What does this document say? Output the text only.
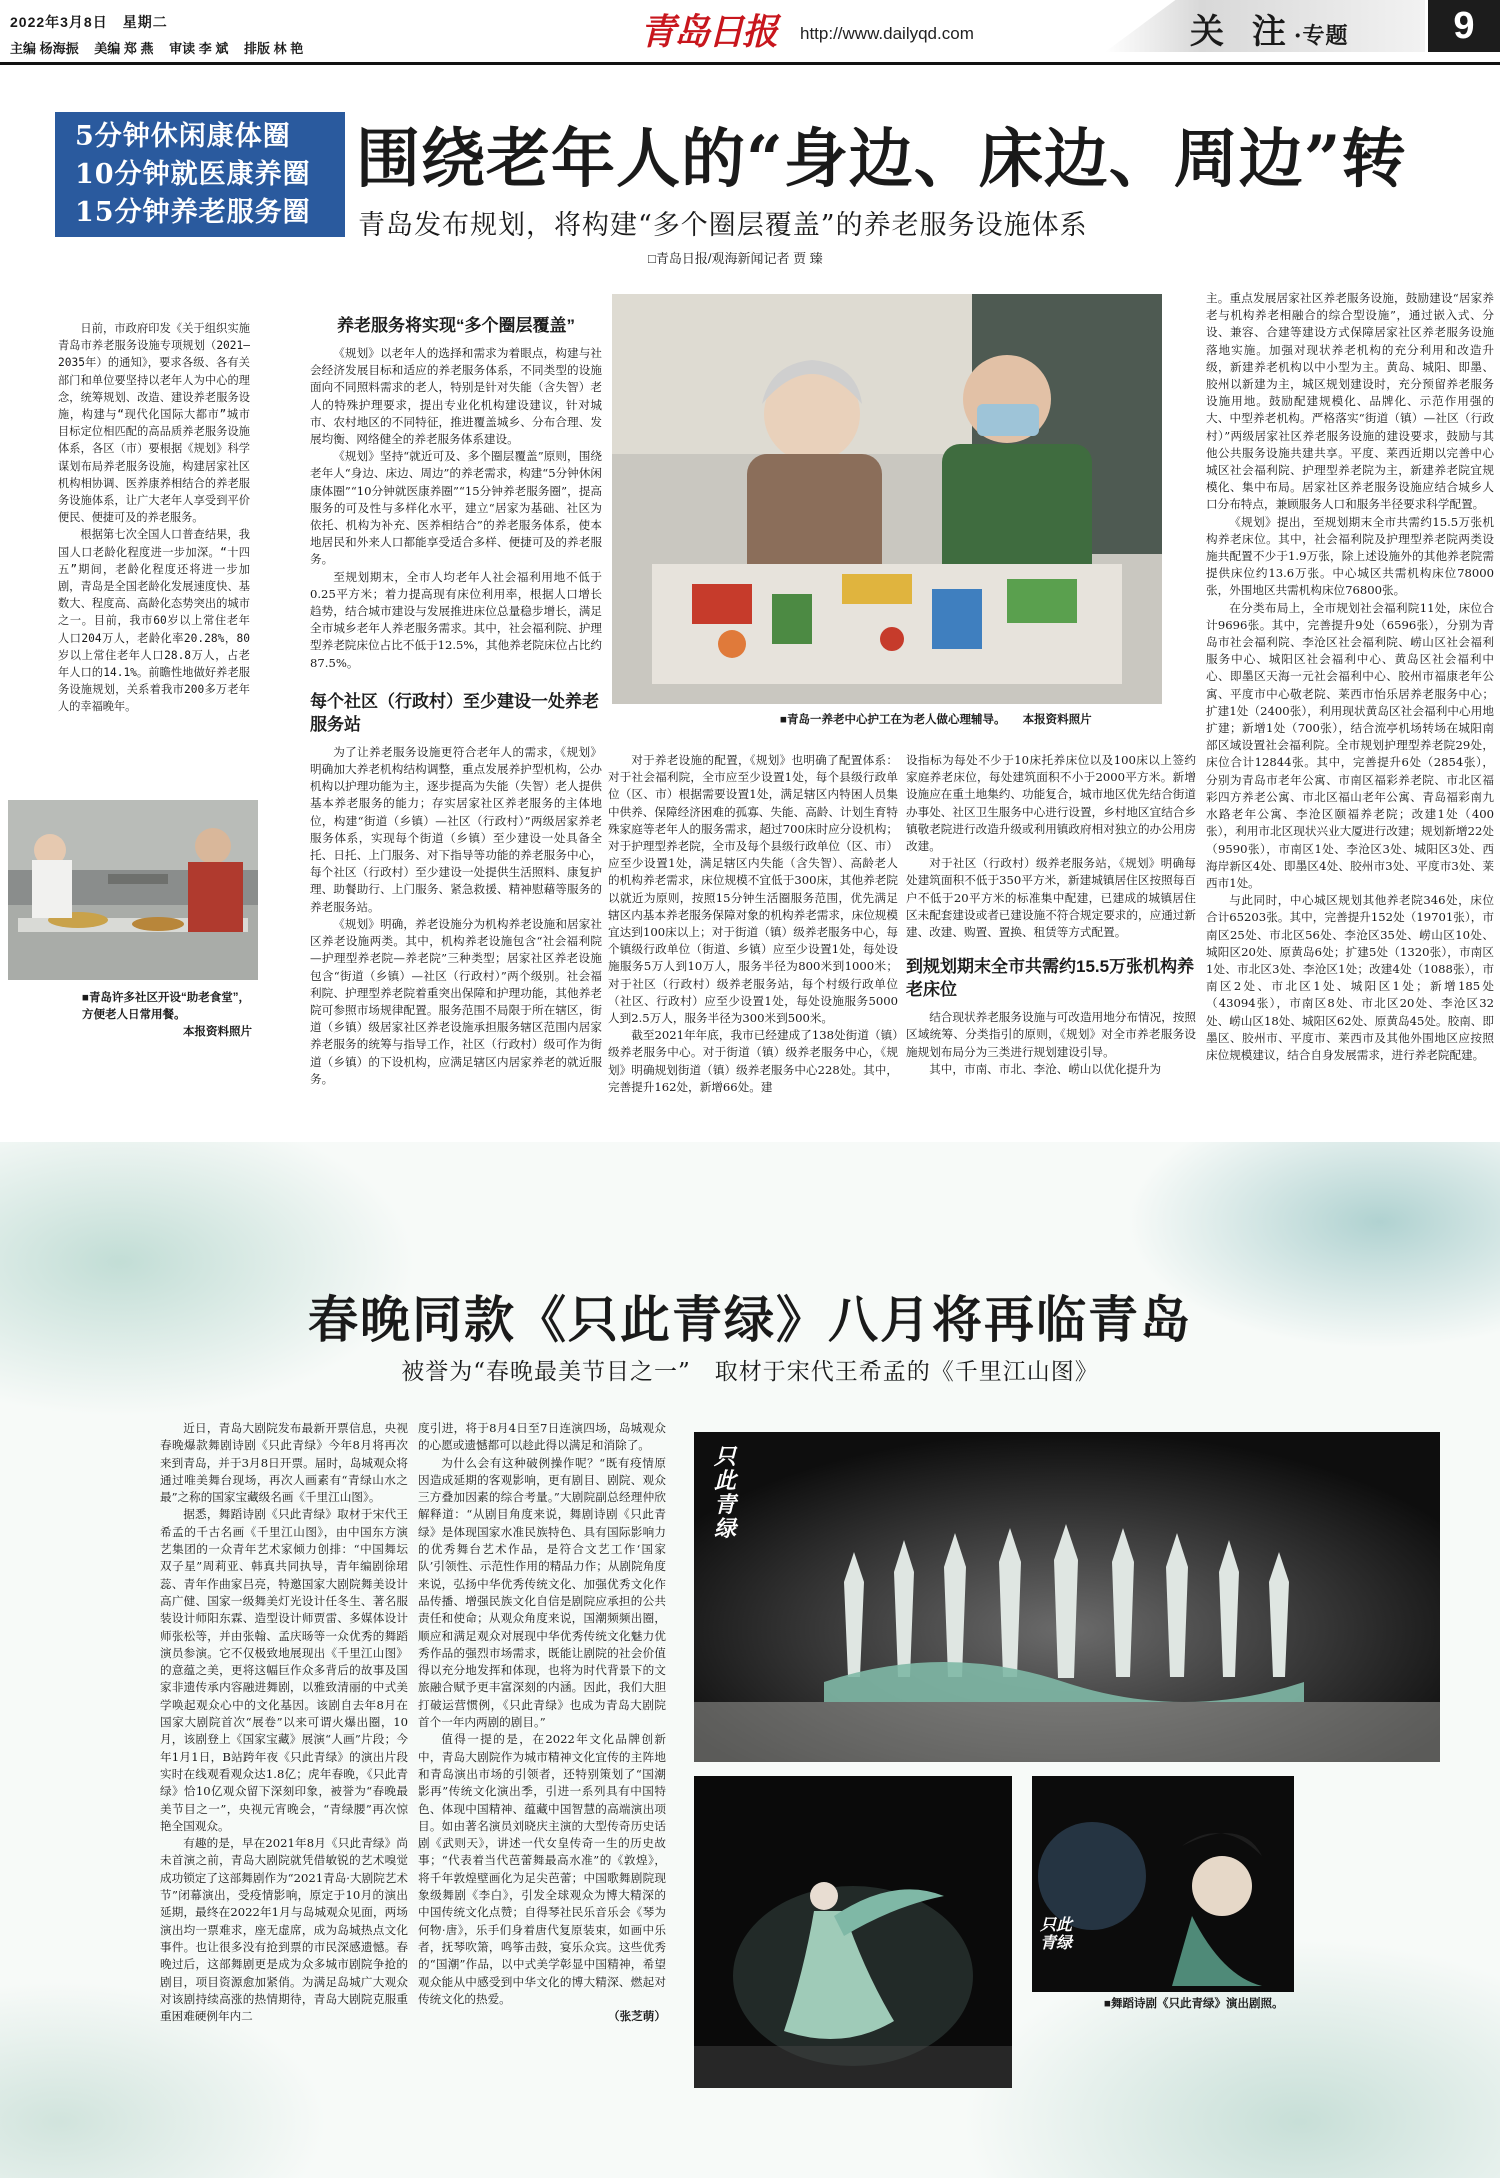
2022年3月8日　星期二
主编 杨海振 美编 郑 燕 审读 李 斌 排版 林 艳	青岛日报 http://www.dailyqd.com	关 注·专题	9
5分钟休闲康体圈
10分钟就医康养圈
15分钟养老服务圈
围绕老年人的“身边、床边、周边”转
青岛发布规划，将构建“多个圈层覆盖”的养老服务设施体系
□青岛日报/观海新闻记者 贾 臻

日前，市政府印发《关于组织实施青岛市养老服务设施专项规划（2021—2035年）的通知》，要求各级、各有关部门和单位要坚持以老年人为中心的理念，统筹规划、改造、建设养老服务设施，构建与“现代化国际大都市”城市目标定位相匹配的高品质养老服务设施体系，各区（市）要根据《规划》科学谋划布局养老服务设施，构建居家社区机构相协调、医养康养相结合的养老服务设施体系，让广大老年人享受到平价便民、便捷可及的养老服务。

根据第七次全国人口普查结果，我国人口老龄化程度进一步加深。“十四五”期间，老龄化程度还将进一步加剧，青岛是全国老龄化发展速度快、基数大、程度高、高龄化态势突出的城市之一。目前，我市60岁以上常住老年人口204万人，老龄化率20.28%，80岁以上常住老年人口28.8万人，占老年人口的14.1%。前瞻性地做好养老服务设施规划，关系着我市200多万老年人的幸福晚年。

■青岛许多社区开设“助老食堂”，方便老人日常用餐。
本报资料照片
养老服务将实现“多个圈层覆盖”

《规划》以老年人的选择和需求为着眼点，构建与社会经济发展目标和适应的养老服务体系，不同类型的设施面向不同照料需求的老人，特别是针对失能（含失智）老人的特殊护理要求，提出专业化机构建设建议，针对城市、农村地区的不同特征，推进覆盖城乡、分布合理、发展均衡、网络健全的养老服务体系建设。

《规划》坚持“就近可及、多个圈层覆盖”原则，围绕老年人“身边、床边、周边”的养老需求，构建“5分钟休闲康体圈”“10分钟就医康养圈”“15分钟养老服务圈”，提高服务的可及性与多样化水平，建立“居家为基础、社区为依托、机构为补充、医养相结合”的养老服务体系，使本地居民和外来人口都能享受适合多样、便捷可及的养老服务。

至规划期末，全市人均老年人社会福利用地不低于0.25平方米；着力提高现有床位利用率，根据人口增长趋势，结合城市建设与发展推进床位总量稳步增长，满足全市城乡老年人养老服务需求。其中，社会福利院、护理型养老院床位占比不低于12.5%，其他养老院床位占比约87.5%。

每个社区（行政村）至少建设一处养老服务站

为了让养老服务设施更符合老年人的需求，《规划》明确加大养老机构结构调整，重点发展养护型机构，公办机构以护理功能为主，逐步提高为失能（失智）老人提供基本养老服务的能力；存实居家社区养老服务的主体地位，构建“街道（乡镇）—社区（行政村）”两级居家养老服务体系，实现每个街道（乡镇）至少建设一处具备全托、日托、上门服务、对下指导等功能的养老服务中心，每个社区（行政村）至少建设一处提供生活照料、康复护理、助餐助行、上门服务、紧急救援、精神慰藉等服务的养老服务站。

《规划》明确，养老设施分为机构养老设施和居家社区养老设施两类。其中，机构养老设施包含“社会福利院—护理型养老院—养老院”三种类型；居家社区养老设施包含“街道（乡镇）—社区（行政村）”两个级别。社会福利院、护理型养老院着重突出保障和护理功能，其他养老院可参照市场规律配置。服务范围不局限于所在辖区，街道（乡镇）级居家社区养老设施承担服务辖区范围内居家养老服务的统筹与指导工作，社区（行政村）级可作为街道（乡镇）的下设机构，应满足辖区内居家养老的就近服务。

■青岛一养老中心护工在为老人做心理辅导。 本报资料照片

对于养老设施的配置，《规划》也明确了配置体系：对于社会福利院，全市应至少设置1处，每个县级行政单位（区、市）根据需要设置1处，满足辖区内特困人员集中供养、保障经济困难的孤寡、失能、高龄、计划生育特殊家庭等老年人的服务需求，超过700床时应分设机构；对于护理型养老院，全市及每个县级行政单位（区、市）应至少设置1处，满足辖区内失能（含失智）、高龄老人的机构养老需求，床位规模不宜低于300床，其他养老院以就近为原则，按照15分钟生活圈服务范围，优先满足辖区内基本养老服务保障对象的机构养老需求，床位规模宜达到100床以上；对于街道（镇）级养老服务中心，每个镇级行政单位（街道、乡镇）应至少设置1处，每处设施服务5万人到10万人，服务半径为800米到1000米；对于社区（行政村）级养老服务站，每个村级行政单位（社区、行政村）应至少设置1处，每处设施服务5000人到2.5万人，服务半径为300米到500米。

截至2021年年底，我市已经建成了138处街道（镇）级养老服务中心。对于街道（镇）级养老服务中心，《规划》明确规划街道（镇）级养老服务中心228处。其中，完善提升162处，新增66处。建

设指标为每处不少于10床托养床位以及100床以上签约家庭养老床位，每处建筑面积不小于2000平方米。新增设施应在重土地集约、功能复合，城市地区优先结合街道办事处、社区卫生服务中心进行设置，乡村地区宜结合乡镇敬老院进行改造升级或利用镇政府相对独立的办公用房改建。

对于社区（行政村）级养老服务站，《规划》明确每处建筑面积不低于350平方米，新建城镇居住区按照每百户不低于20平方米的标准集中配建，已建成的城镇居住区未配套建设或者已建设施不符合规定要求的，应通过新建、改建、购置、置换、租赁等方式配置。

到规划期末全市共需约15.5万张机构养老床位

结合现状养老服务设施与可改造用地分布情况，按照区域统筹、分类指引的原则，《规划》对全市养老服务设施规划布局分为三类进行规划建设引导。

其中，市南、市北、李沧、崂山以优化提升为

主。重点发展居家社区养老服务设施，鼓励建设“居家养老与机构养老相融合的综合型设施”，通过嵌入式、分设、兼容、合建等建设方式保障居家社区养老服务设施落地实施。加强对现状养老机构的充分利用和改造升级，新建养老机构以中小型为主。黄岛、城阳、即墨、胶州以新建为主，城区规划建设时，充分预留养老服务设施用地。鼓励配建规模化、品牌化、示范作用强的大、中型养老机构。严格落实“街道（镇）—社区（行政村）”两级居家社区养老服务设施的建设要求，鼓励与其他公共服务设施共建共享。平度、莱西近期以完善中心城区社会福利院、护理型养老院为主，新建养老院宜规模化、集中布局。居家社区养老服务设施应结合城乡人口分布特点，兼顾服务人口和服务半径要求科学配置。

《规划》提出，至规划期末全市共需约15.5万张机构养老床位。其中，社会福利院及护理型养老院两类设施共配置不少于1.9万张，除上述设施外的其他养老院需提供床位约13.6万张。中心城区共需机构床位78000张，外围地区共需机构床位76800张。

在分类布局上，全市规划社会福利院11处，床位合计9696张。其中，完善提升9处（6596张），分别为青岛市社会福利院、李沧区社会福利院、崂山区社会福利服务中心、城阳区社会福利中心、黄岛区社会福利中心、即墨区天海一元社会福利中心、胶州市福康老年公寓、平度市中心敬老院、莱西市怡乐居养老服务中心；扩建1处（2400张），利用现状黄岛区社会福利中心用地扩建；新增1处（700张），结合流亭机场转场在城阳南部区域设置社会福利院。全市规划护理型养老院29处，床位合计12844张。其中，完善提升6处（2854张），分别为青岛市老年公寓、市南区福彩养老院、市北区福彩四方养老公寓、市北区福山老年公寓、青岛福彩南九水路老年公寓、李沧区颐福养老院；改建1处（400张），利用市北区现状兴业大厦进行改建；规划新增22处（9590张），市南区1处、李沧区3处、城阳区3处、西海岸新区4处、即墨区4处、胶州市3处、平度市3处、莱西市1处。

与此同时，中心城区规划其他养老院346处，床位合计65203张。其中，完善提升152处（19701张），市南区25处、市北区56处、李沧区35处、崂山区10处、城阳区20处、原黄岛6处；扩建5处（1320张），市南区1处、市北区3处、李沧区1处；改建4处（1088张），市南区2处、市北区1处、城阳区1处；新增185处（43094张），市南区8处、市北区20处、李沧区32处、崂山区18处、城阳区62处、原黄岛45处。胶南、即墨区、胶州市、平度市、莱西市及其他外围地区应按照床位规模建议，结合自身发展需求，进行养老院配建。

春晚同款《只此青绿》八月将再临青岛
被誉为“春晚最美节目之一”　取材于宋代王希孟的《千里江山图》

近日，青岛大剧院发布最新开票信息，央视春晚爆款舞剧诗剧《只此青绿》今年8月将再次来到青岛，并于3月8日开票。届时，岛城观众将通过唯美舞台现场，再次人画素有“青绿山水之最”之称的国家宝藏级名画《千里江山图》。

据悉，舞蹈诗剧《只此青绿》取材于宋代王希孟的千古名画《千里江山图》，由中国东方演艺集团的一众青年艺术家倾力创排：“中国舞坛双子星”周莉亚、韩真共同执导，青年编剧徐珺蕊、青年作曲家吕亮，特邀国家大剧院舞美设计高广健、国家一级舞美灯光设计任冬生、著名服装设计师阳东霖、造型设计师贾雷、多媒体设计师张松等，并由张翰、孟庆旸等一众优秀的舞蹈演员参演。它不仅极致地展现出《千里江山图》的意蕴之美，更将这幅巨作众多背后的故事及国家非遗传承内容融进舞剧，以雅致清丽的中式美学唤起观众心中的文化基因。该剧自去年8月在国家大剧院首次“展卷”以来可谓火爆出圈，10月，该剧登上《国家宝藏》展演“人画”片段；今年1月1日，B站跨年夜《只此青绿》的演出片段实时在线观看观众达1.8亿；虎年春晚，《只此青绿》恰10亿观众留下深刻印象，被誉为“春晚最美节目之一”，央视元宵晚会，“青绿腰”再次惊艳全国观众。

有趣的是，早在2021年8月《只此青绿》尚未首演之前，青岛大剧院就凭借敏锐的艺术嗅觉成功锁定了这部舞剧作为“2021青岛·大剧院艺术节”闭幕演出，受疫情影响，原定于10月的演出延期，最终在2022年1月与岛城观众见面，两场演出均一票难求，座无虚席，成为岛城热点文化事件。也让很多没有抢到票的市民深感遗憾。春晚过后，这部舞剧更是成为众多城市剧院争抢的剧目，项目资源愈加紧俏。为满足岛城广大观众对该剧持续高涨的热情期待，青岛大剧院克服重重困难硬例年内二

度引进，将于8月4日至7日连演四场，岛城观众的心愿或遗憾都可以趁此得以满足和消除了。

为什么会有这种破例操作呢？“既有疫情原因造成延期的客观影响，更有剧目、剧院、观众三方叠加因素的综合考量。”大剧院副总经理仲欣解释道：“从剧目角度来说，舞剧诗剧《只此青绿》是体现国家水准民族特色、具有国际影响力的优秀舞台艺术作品，是符合文艺工作‘国家队’引领性、示范性作用的精品力作；从剧院角度来说，弘扬中华优秀传统文化、加强优秀文化作品传播、增强民族文化自信是剧院应承担的公共责任和使命；从观众角度来说，国潮频频出圈，顺应和满足观众对展现中华优秀传统文化魅力优秀作品的强烈市场需求，既能让剧院的社会价值得以充分地发挥和体现，也将为时代背景下的文旅融合赋予更丰富深刻的内涵。因此，我们大胆打破运营惯例，《只此青绿》也成为青岛大剧院首个一年内两剧的剧目。”

值得一提的是，在2022年文化品牌创新中，青岛大剧院作为城市精神文化宜传的主阵地和青岛演出市场的引领者，还特别策划了“国潮影再”传统文化演出季，引进一系列具有中国特色、体现中国精神、蕴藏中国智慧的高端演出项目。如由著名演员刘晓庆主演的大型传奇历史话剧《武则天》，讲述一代女皇传奇一生的历史故事；“代表着当代芭蕾舞最高水准”的《敦煌》，将千年敦煌壁画化为足尖芭蕾；中国歌舞剧院现象级舞剧《李白》，引发全球观众为博大精深的中国传统文化点赞；自得琴社民乐音乐会《琴为何物·唐》，乐手们身着唐代复原装束，如画中乐者，抚琴吹箫，鸣筝击鼓，宴乐众宾。这些优秀的“国潮”作品，以中式美学彰显中国精神，希望观众能从中感受到中华文化的博大精深、燃起对传统文化的热爱。

（张芝萌）

只此
青绿
只此
青绿
■舞蹈诗剧《只此青绿》演出剧照。
